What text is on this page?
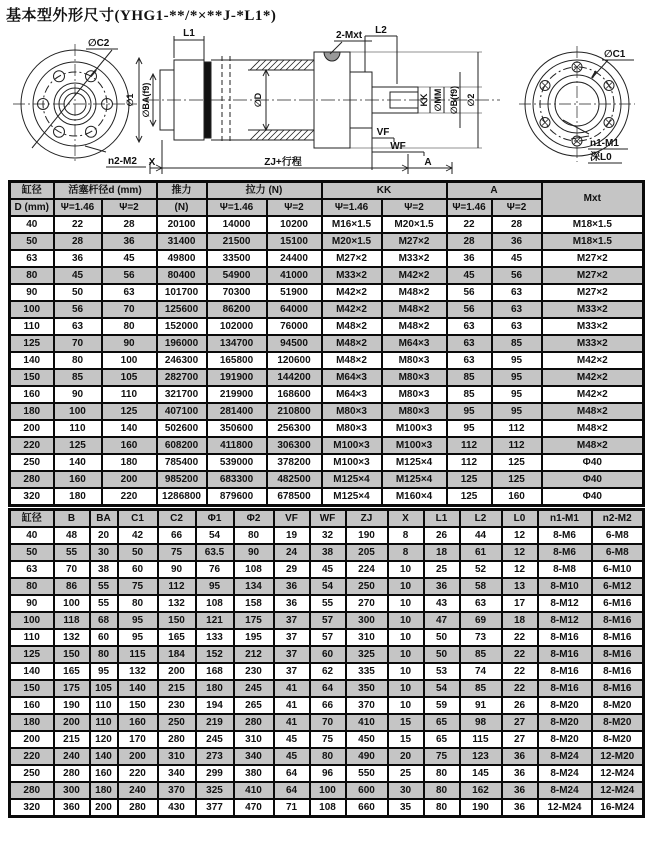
基本型外形尺寸(YHG1-**/*×**J-*L1*)
∅C2
n2-M2
L1	2-Mxt L2
∅1 ∅BA(f9)	∅D	KK ∅MM ∅B(f9) ∅2
VF
WF
X	ZJ+行程	A
∅C1
n1-M1
深L0
缸径	活塞杆径d (mm)		推力	拉力 (N)		KK		A		Mxt
D (mm)	Ψ=1.46	Ψ=2	(N)	Ψ=1.46	Ψ=2	Ψ=1.46	Ψ=2	Ψ=1.46	Ψ=2	
40	22	28	20100	14000	10200	M16×1.5	M20×1.5	22	28	M18×1.5
50	28	36	31400	21500	15100	M20×1.5	M27×2	28	36	M18×1.5
63	36	45	49800	33500	24400	M27×2	M33×2	36	45	M27×2
80	45	56	80400	54900	41000	M33×2	M42×2	45	56	M27×2
90	50	63	101700	70300	51900	M42×2	M48×2	56	63	M27×2
100	56	70	125600	86200	64000	M42×2	M48×2	56	63	M33×2
110	63	80	152000	102000	76000	M48×2	M48×2	63	63	M33×2
125	70	90	196000	134700	94500	M48×2	M64×3	63	85	M33×2
140	80	100	246300	165800	120600	M48×2	M80×3	63	95	M42×2
150	85	105	282700	191900	144200	M64×3	M80×3	85	95	M42×2
160	90	110	321700	219900	168600	M64×3	M80×3	85	95	M42×2
180	100	125	407100	281400	210800	M80×3	M80×3	95	95	M48×2
200	110	140	502600	350600	256300	M80×3	M100×3	95	112	M48×2
220	125	160	608200	411800	306300	M100×3	M100×3	112	112	M48×2
250	140	180	785400	539000	378200	M100×3	M125×4	112	125	Φ40
280	160	200	985200	683300	482500	M125×4	M125×4	125	125	Φ40
320	180	220	1286800	879600	678500	M125×4	M160×4	125	160	Φ40
缸径	B	BA	C1	C2	Φ1	Φ2	VF	WF	ZJ	X	L1	L2	L0	n1-M1	n2-M2
40	48	20	42	66	54	80	19	32	190	8	26	44	12	8-M6	6-M8
50	55	30	50	75	63.5	90	24	38	205	8	18	61	12	8-M6	6-M8
63	70	38	60	90	76	108	29	45	224	10	25	52	12	8-M8	6-M10
80	86	55	75	112	95	134	36	54	250	10	36	58	13	8-M10	6-M12
90	100	55	80	132	108	158	36	55	270	10	43	63	17	8-M12	6-M16
100	118	68	95	150	121	175	37	57	300	10	47	69	18	8-M12	8-M16
110	132	60	95	165	133	195	37	57	310	10	50	73	22	8-M16	8-M16
125	150	80	115	184	152	212	37	60	325	10	50	85	22	8-M16	8-M16
140	165	95	132	200	168	230	37	62	335	10	53	74	22	8-M16	8-M16
150	175	105	140	215	180	245	41	64	350	10	54	85	22	8-M16	8-M16
160	190	110	150	230	194	265	41	66	370	10	59	91	26	8-M20	8-M20
180	200	110	160	250	219	280	41	70	410	15	65	98	27	8-M20	8-M20
200	215	120	170	280	245	310	45	75	450	15	65	115	27	8-M20	8-M20
220	240	140	200	310	273	340	45	80	490	20	75	123	36	8-M24	12-M20
250	280	160	220	340	299	380	64	96	550	25	80	145	36	8-M24	12-M24
280	300	180	240	370	325	410	64	100	600	30	80	162	36	8-M24	12-M24
320	360	200	280	430	377	470	71	108	660	35	80	190	36	12-M24	16-M24
